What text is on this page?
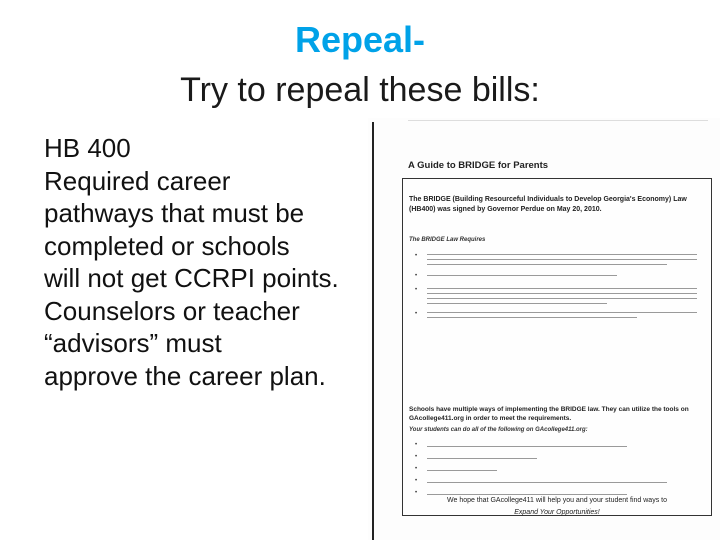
Repeal-
Try to repeal these bills:
HB 400
Required career
pathways that must be
completed or schools
will not get CCRPI points.
Counselors or teacher
“advisors” must
approve the career plan.
A Guide to BRIDGE for Parents
The BRIDGE (Building Resourceful Individuals to Develop Georgia's Economy) Law (HB400) was signed by Governor Perdue on May 20, 2010.
The BRIDGE Law Requires
•
•
•
•
Schools have multiple ways of implementing the BRIDGE law. They can utilize the tools on GAcollege411.org in order to meet the requirements.
Your students can do all of the following on GAcollege411.org:
•
•
•
•
•
We hope that GAcollege411 will help you and your student find ways to
Expand Your Opportunities!
